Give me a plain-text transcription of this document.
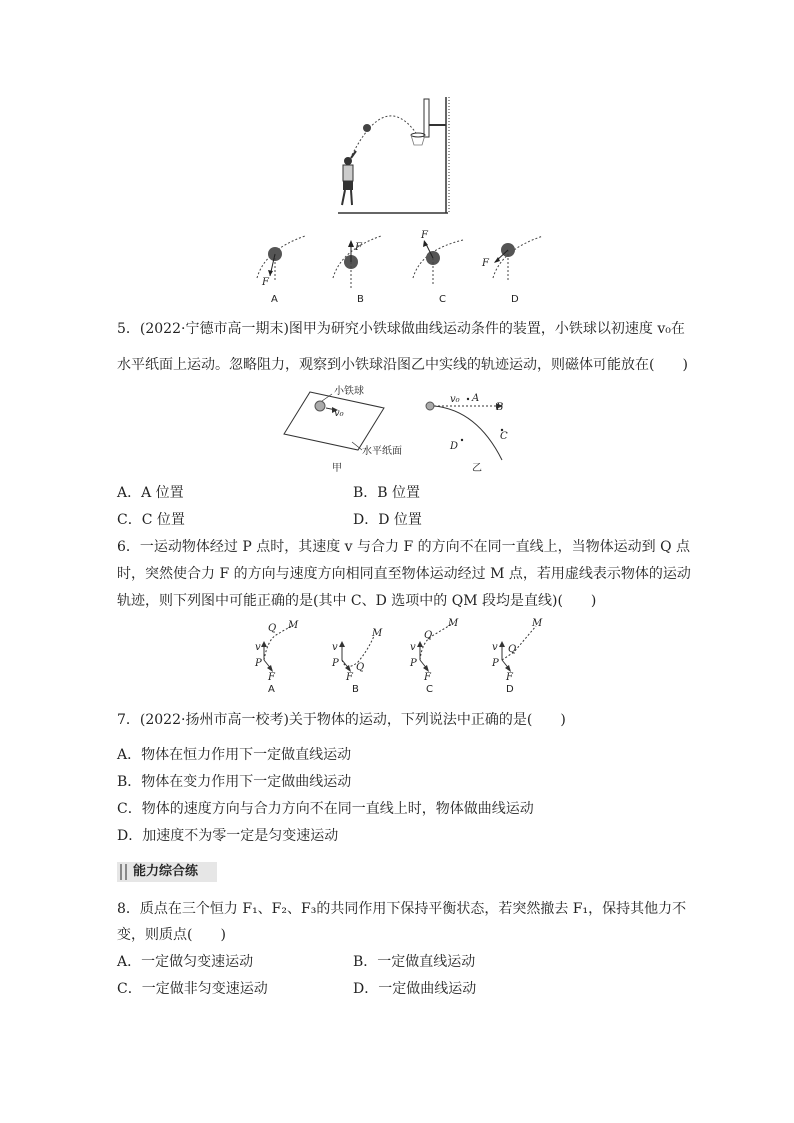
F
A
F
B
F
C
F
D
5．(2022·宁德市高一期末)图甲为研究小铁球做曲线运动条件的装置，小铁球以初速度 v₀在
水平纸面上运动。忽略阻力，观察到小铁球沿图乙中实线的轨迹运动，则磁体可能放在(　　)
v₀
小铁球
水平纸面
甲
v₀ A
B
C
D
乙
A．A 位置	B．B 位置
C．C 位置	D．D 位置
6．一运动物体经过 P 点时，其速度 v 与合力 F 的方向不在同一直线上，当物体运动到 Q 点
时，突然使合力 F 的方向与速度方向相同直至物体运动经过 M 点，若用虚线表示物体的运动
轨迹，则下列图中可能正确的是(其中 C、D 选项中的 QM 段均是直线)(　　)
P
v
F
Q M
A
P
v
F
Q
M
B
P
v
F
Q
M
C
P
v
F
Q
M
D
7．(2022·扬州市高一校考)关于物体的运动，下列说法中正确的是(　　)
A．物体在恒力作用下一定做直线运动
B．物体在变力作用下一定做曲线运动
C．物体的速度方向与合力方向不在同一直线上时，物体做曲线运动
D．加速度不为零一定是匀变速运动
能力综合练
8．质点在三个恒力 F₁、F₂、F₃的共同作用下保持平衡状态，若突然撤去 F₁，保持其他力不
变，则质点(　　)
A．一定做匀变速运动	B．一定做直线运动
C．一定做非匀变速运动	D．一定做曲线运动
